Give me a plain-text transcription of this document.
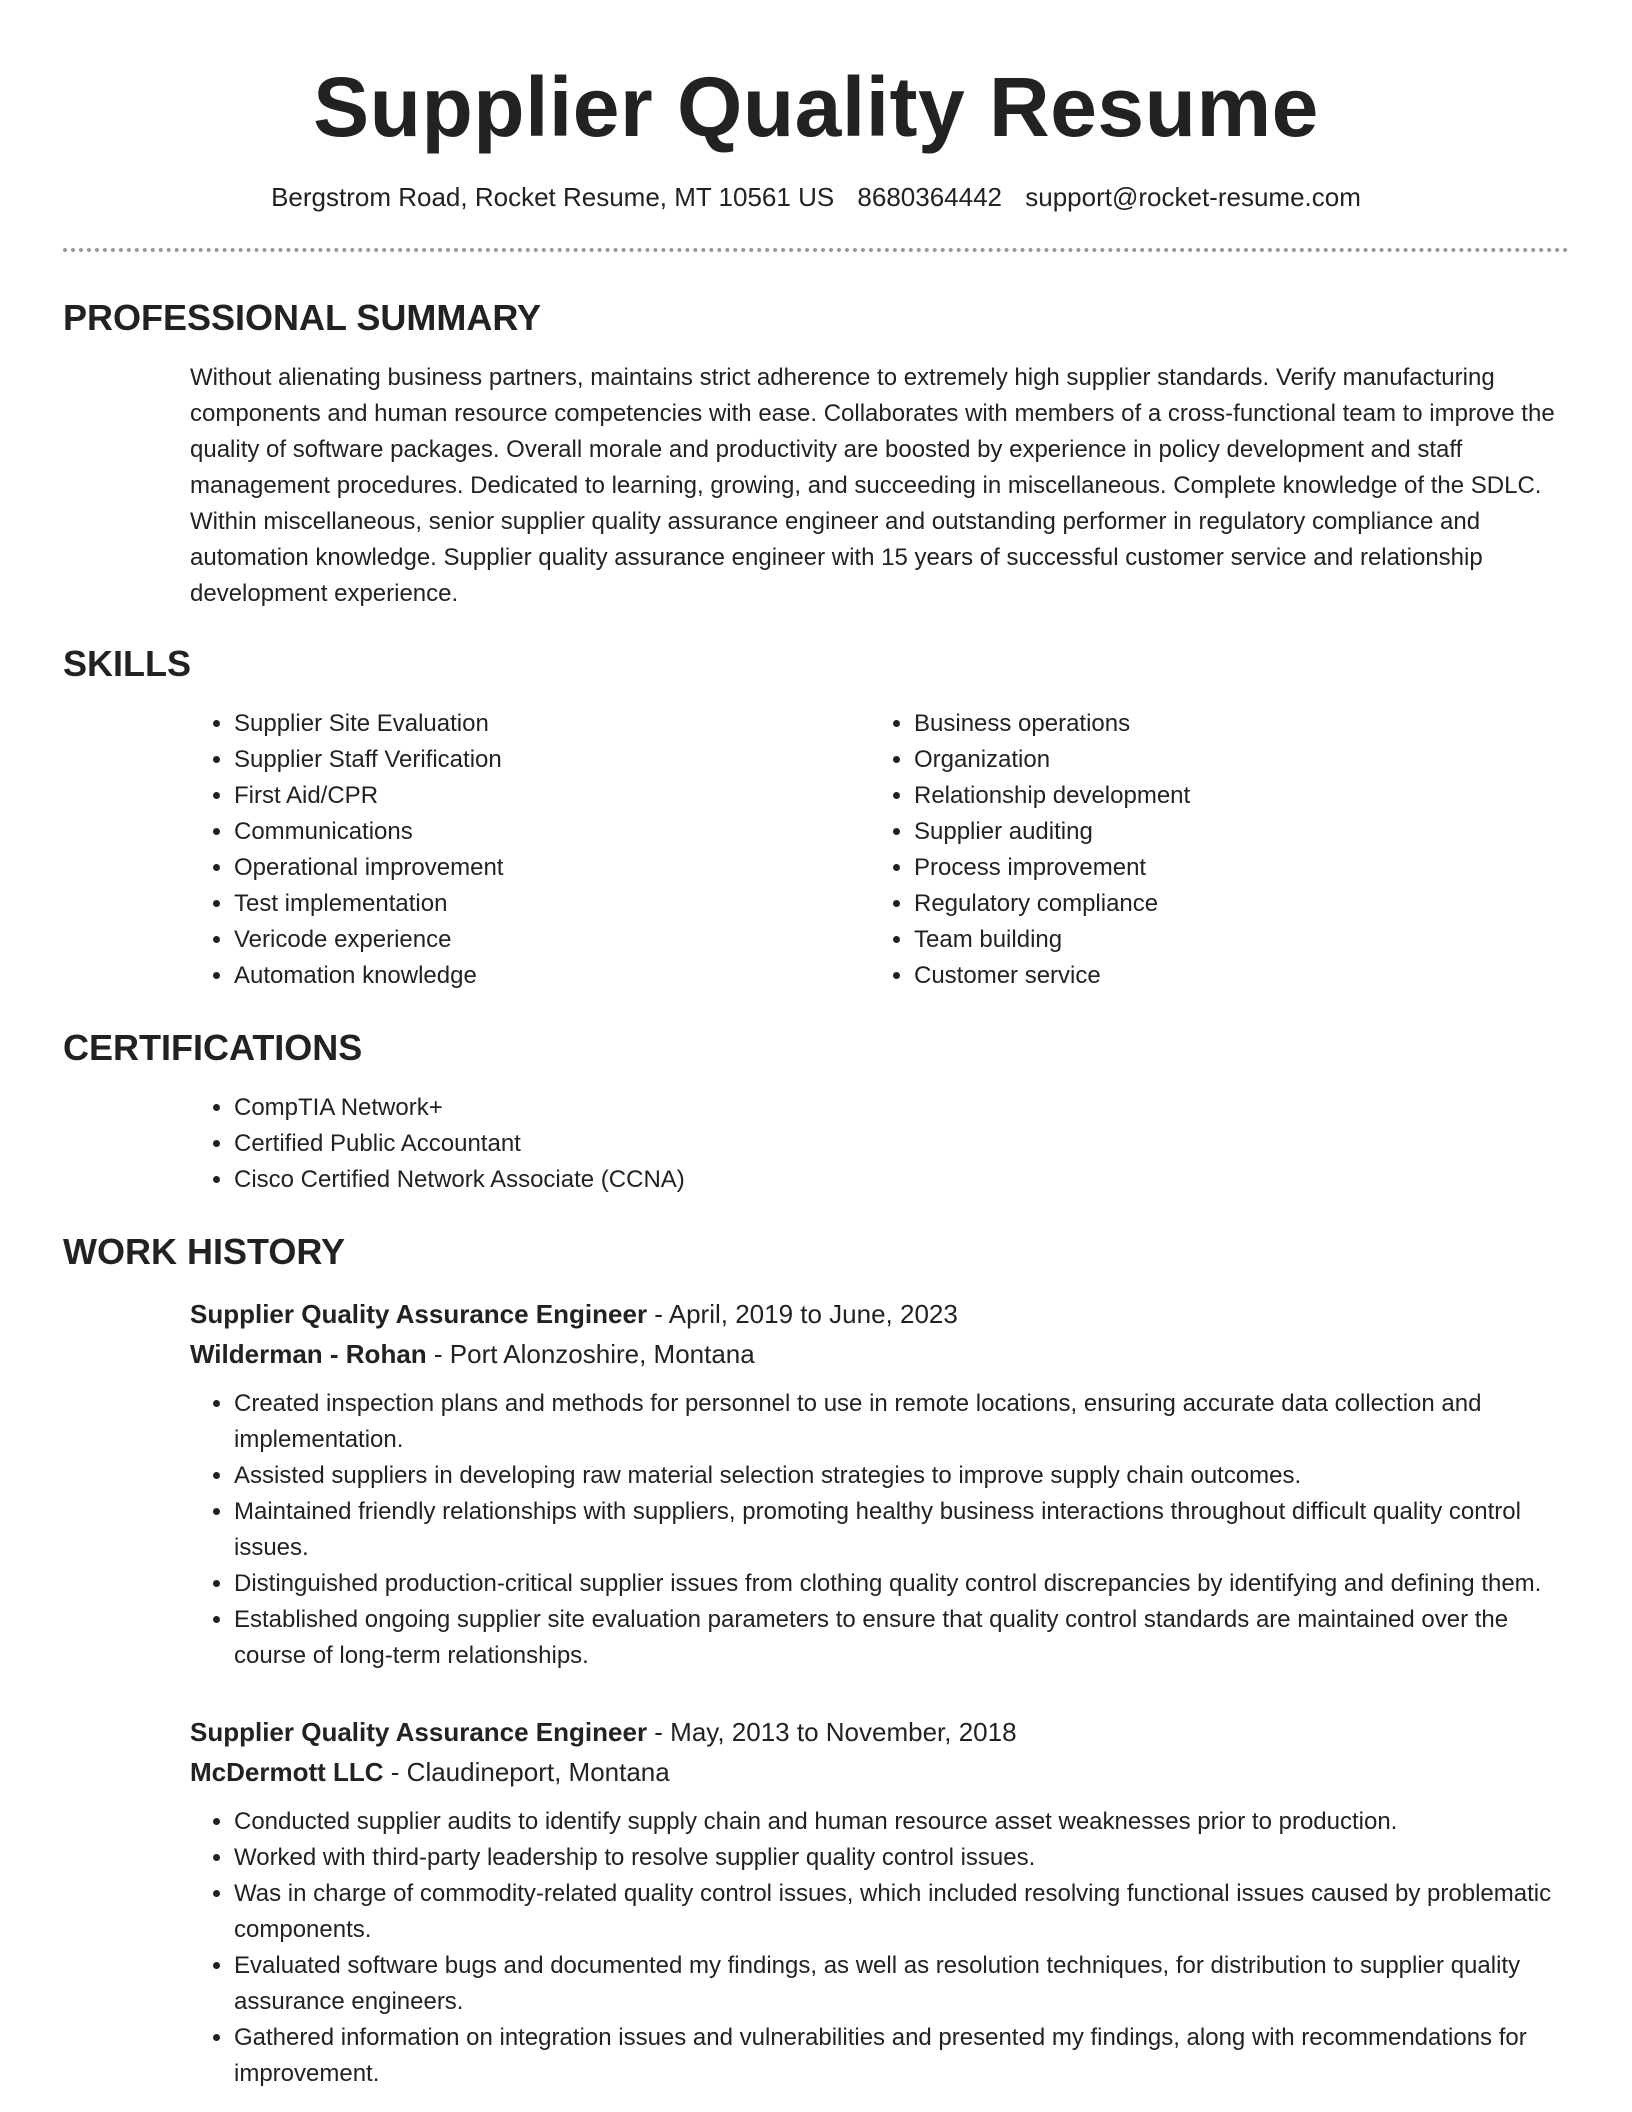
Supplier Quality Resume
Bergstrom Road, Rocket Resume, MT 10561 US 8680364442 support@rocket-resume.com
PROFESSIONAL SUMMARY

Without alienating business partners, maintains strict adherence to extremely high supplier standards. Verify manufacturing components and human resource competencies with ease. Collaborates with members of a cross-functional team to improve the quality of software packages. Overall morale and productivity are boosted by experience in policy development and staff management procedures. Dedicated to learning, growing, and succeeding in miscellaneous. Complete knowledge of the SDLC. Within miscellaneous, senior supplier quality assurance engineer and outstanding performer in regulatory compliance and automation knowledge. Supplier quality assurance engineer with 15 years of successful customer service and relationship development experience.

SKILLS
• Supplier Site Evaluation
• Supplier Staff Verification
• First Aid/CPR
• Communications
• Operational improvement
• Test implementation
• Vericode experience
• Automation knowledge
• Business operations
• Organization
• Relationship development
• Supplier auditing
• Process improvement
• Regulatory compliance
• Team building
• Customer service
CERTIFICATIONS
• CompTIA Network+
• Certified Public Accountant
• Cisco Certified Network Associate (CCNA)
WORK HISTORY

Supplier Quality Assurance Engineer - April, 2019 to June, 2023

Wilderman - Rohan - Port Alonzoshire, Montana

• Created inspection plans and methods for personnel to use in remote locations, ensuring accurate data collection and implementation.
• Assisted suppliers in developing raw material selection strategies to improve supply chain outcomes.
• Maintained friendly relationships with suppliers, promoting healthy business interactions throughout difficult quality control issues.
• Distinguished production-critical supplier issues from clothing quality control discrepancies by identifying and defining them.
• Established ongoing supplier site evaluation parameters to ensure that quality control standards are maintained over the course of long-term relationships.

Supplier Quality Assurance Engineer - May, 2013 to November, 2018

McDermott LLC - Claudineport, Montana

• Conducted supplier audits to identify supply chain and human resource asset weaknesses prior to production.
• Worked with third-party leadership to resolve supplier quality control issues.
• Was in charge of commodity-related quality control issues, which included resolving functional issues caused by problematic components.
• Evaluated software bugs and documented my findings, as well as resolution techniques, for distribution to supplier quality assurance engineers.
• Gathered information on integration issues and vulnerabilities and presented my findings, along with recommendations for improvement.
